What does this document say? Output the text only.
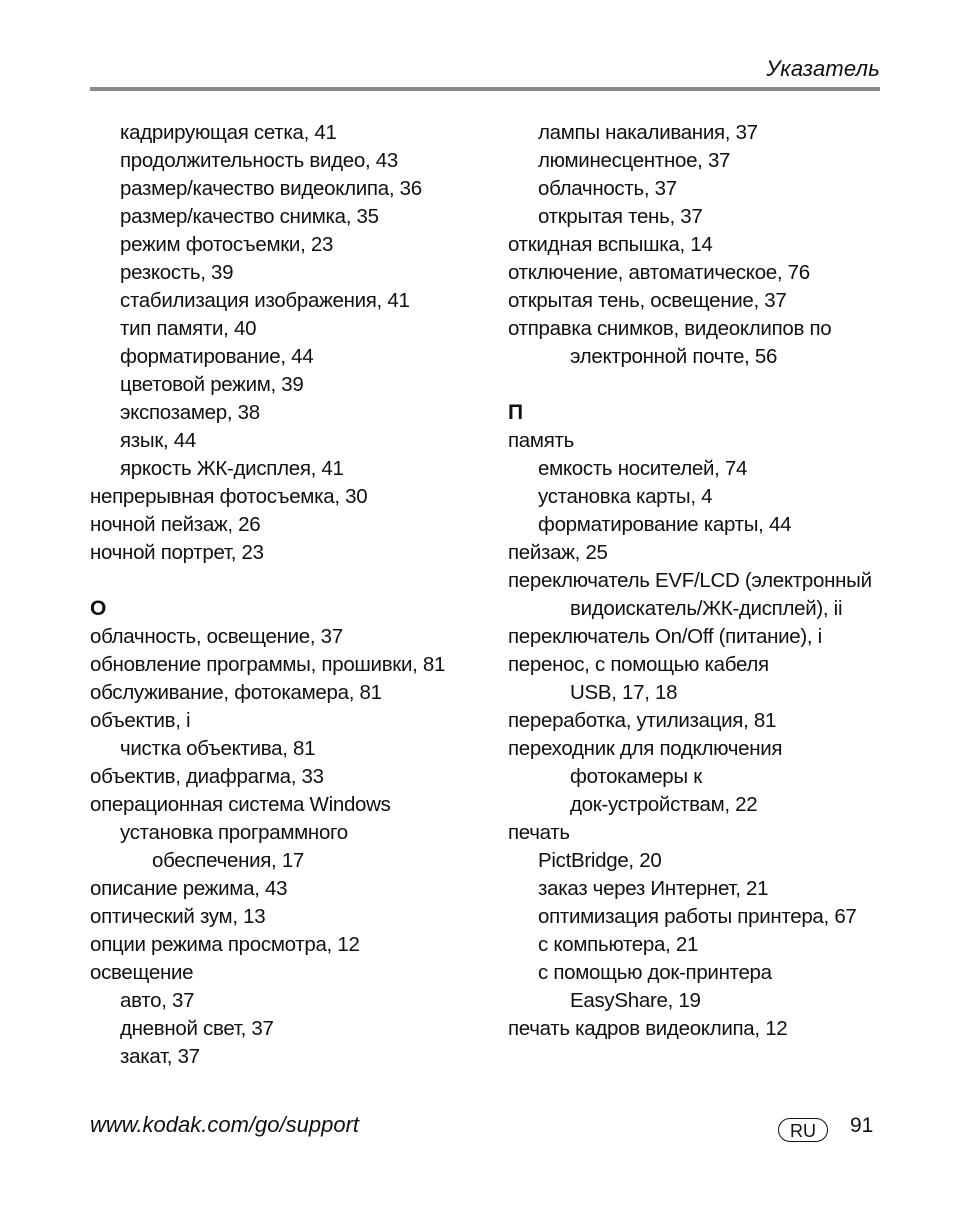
Указатель
кадрирующая сетка, 41
продолжительность видео, 43
размер/качество видеоклипа, 36
размер/качество снимка, 35
режим фотосъемки, 23
резкость, 39
стабилизация изображения, 41
тип памяти, 40
форматирование, 44
цветовой режим, 39
экспозамер, 38
язык, 44
яркость ЖК-дисплея, 41
непрерывная фотосъемка, 30
ночной пейзаж, 26
ночной портрет, 23
О
облачность, освещение, 37
обновление программы, прошивки, 81
обслуживание, фотокамера, 81
объектив, i
чистка объектива, 81
объектив, диафрагма, 33
операционная система Windows
установка программного
обеспечения, 17
описание режима, 43
оптический зум, 13
опции режима просмотра, 12
освещение
авто, 37
дневной свет, 37
закат, 37
лампы накаливания, 37
люминесцентное, 37
облачность, 37
открытая тень, 37
откидная вспышка, 14
отключение, автоматическое, 76
открытая тень, освещение, 37
отправка снимков, видеоклипов по
электронной почте, 56
П
память
емкость носителей, 74
установка карты, 4
форматирование карты, 44
пейзаж, 25
переключатель EVF/LCD (электронный
видоискатель/ЖК-дисплей), ii
переключатель On/Off (питание), i
перенос, с помощью кабеля
USB, 17, 18
переработка, утилизация, 81
переходник для подключения
фотокамеры к
док-устройствам, 22
печать
PictBridge, 20
заказ через Интернет, 21
оптимизация работы принтера, 67
с компьютера, 21
с помощью док-принтера
EasyShare, 19
печать кадров видеоклипа, 12
www.kodak.com/go/support	RU	91
